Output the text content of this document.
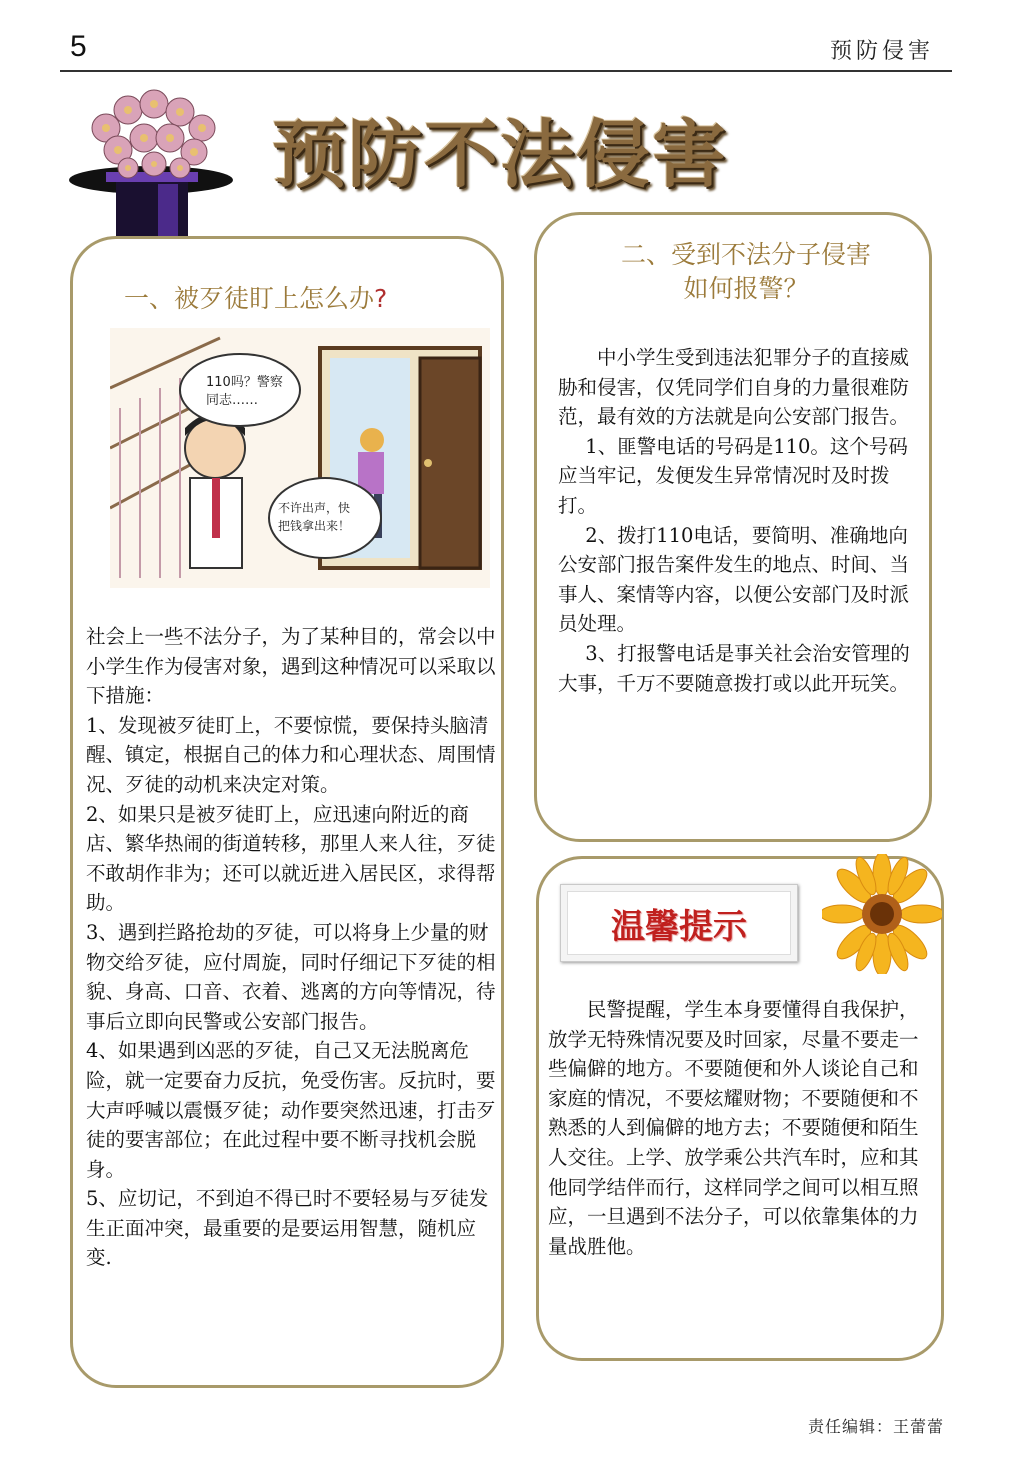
5	预防侵害
预防不法侵害
一、被歹徒盯上怎么办?
110吗？警察
同志……
不许出声，快
把钱拿出来！

社会上一些不法分子，为了某种目的，常会以中小学生作为侵害对象，遇到这种情况可以采取以下措施：

1、发现被歹徒盯上，不要惊慌，要保持头脑清醒、镇定，根据自己的体力和心理状态、周围情况、歹徒的动机来决定对策。

2、如果只是被歹徒盯上，应迅速向附近的商店、繁华热闹的街道转移，那里人来人往，歹徒不敢胡作非为；还可以就近进入居民区，求得帮助。

3、遇到拦路抢劫的歹徒，可以将身上少量的财物交给歹徒，应付周旋，同时仔细记下歹徒的相貌、身高、口音、衣着、逃离的方向等情况，待事后立即向民警或公安部门报告。

4、如果遇到凶恶的歹徒，自己又无法脱离危险，就一定要奋力反抗，免受伤害。反抗时，要大声呼喊以震慑歹徒；动作要突然迅速，打击歹徒的要害部位；在此过程中要不断寻找机会脱身。

5、应切记，不到迫不得已时不要轻易与歹徒发生正面冲突，最重要的是要运用智慧，随机应变.

二、受到不法分子侵害
如何报警？

中小学生受到违法犯罪分子的直接威胁和侵害，仅凭同学们自身的力量很难防范，最有效的方法就是向公安部门报告。

1、匪警电话的号码是110。这个号码应当牢记，发便发生异常情况时及时拨打。

2、拨打110电话，要简明、准确地向公安部门报告案件发生的地点、时间、当事人、案情等内容，以便公安部门及时派员处理。

3、打报警电话是事关社会治安管理的大事，千万不要随意拨打或以此开玩笑。

温馨提示

民警提醒，学生本身要懂得自我保护，放学无特殊情况要及时回家，尽量不要走一些偏僻的地方。不要随便和外人谈论自己和家庭的情况，不要炫耀财物；不要随便和不熟悉的人到偏僻的地方去；不要随便和陌生人交往。上学、放学乘公共汽车时，应和其他同学结伴而行，这样同学之间可以相互照应，一旦遇到不法分子，可以依靠集体的力量战胜他。

责任编辑：王蕾蕾
